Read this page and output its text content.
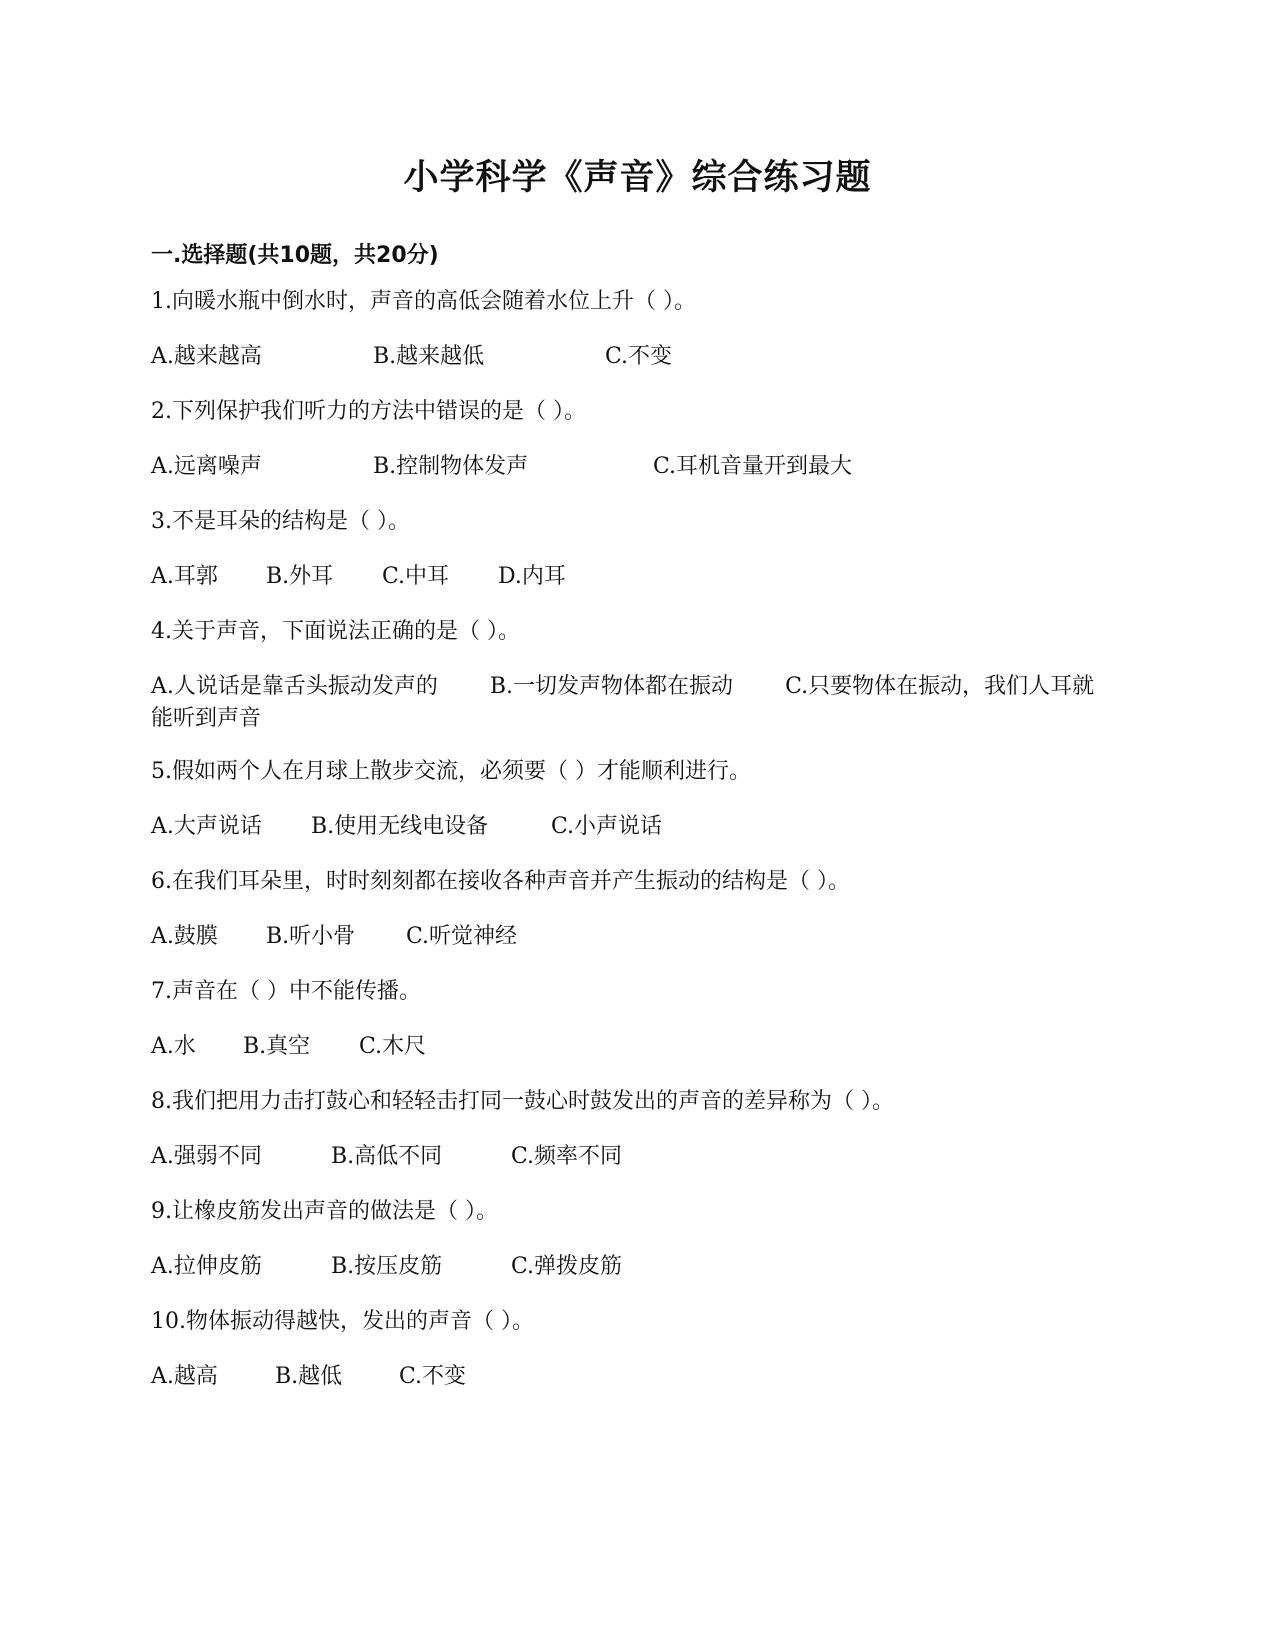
小学科学《声音》综合练习题
一.选择题(共10题，共20分)
1.向暖水瓶中倒水时，声音的高低会随着水位上升（ ）。
A.越来越高	B.越来越低	C.不变
2.下列保护我们听力的方法中错误的是（ ）。
A.远离噪声	B.控制物体发声	C.耳机音量开到最大
3.不是耳朵的结构是（ ）。
A.耳郭 B.外耳 C.中耳 D.内耳
4.关于声音，下面说法正确的是（ ）。
A.人说话是靠舌头振动发声的 B.一切发声物体都在振动 C.只要物体在振动，我们人耳就能听到声音
5.假如两个人在月球上散步交流，必须要（ ）才能顺利进行。
A.大声说话 B.使用无线电设备	C.小声说话
6.在我们耳朵里，时时刻刻都在接收各种声音并产生振动的结构是（ ）。
A.鼓膜 B.听小骨 C.听觉神经
7.声音在（ ）中不能传播。
A.水 B.真空 C.木尺
8.我们把用力击打鼓心和轻轻击打同一鼓心时鼓发出的声音的差异称为（ ）。
A.强弱不同	B.高低不同	C.频率不同
9.让橡皮筋发出声音的做法是（ ）。
A.拉伸皮筋	B.按压皮筋	C.弹拨皮筋
10.物体振动得越快，发出的声音（ ）。
A.越高	B.越低	C.不变
